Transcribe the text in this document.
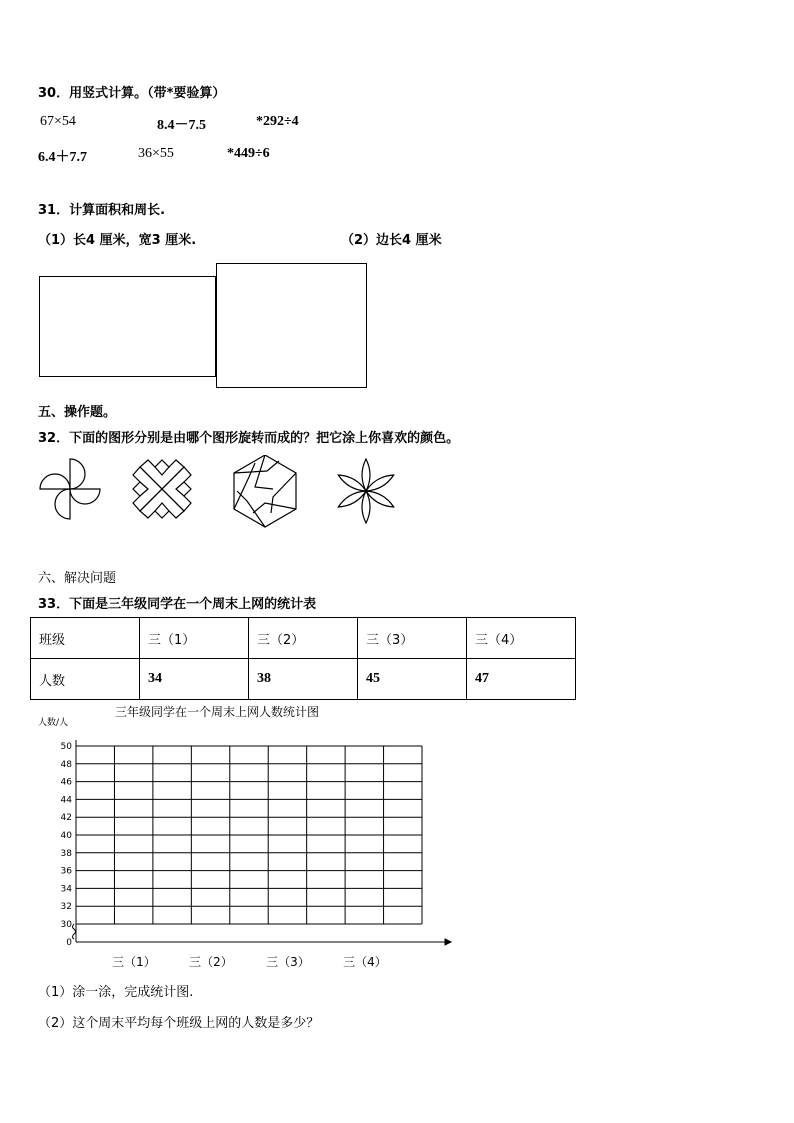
30．用竖式计算。（带*要验算）
67×54	8.4－7.5	*292÷4
6.4＋7.7	36×55	*449÷6
31．计算面积和周长.
（1）长4 厘米，宽3 厘米.	（2）边长4 厘米
五、操作题。
32．下面的图形分别是由哪个图形旋转而成的？把它涂上你喜欢的颜色。
六、解决问题
33．下面是三年级同学在一个周末上网的统计表
班级	三（1）	三（2）	三（3）	三（4）
人数	34	38	45	47
三年级同学在一个周末上网人数统计图
人数/人
0
30
32
34
36
38
40
42
44
46
48
50
三（1）	三（2）	三（3）	三（4）
（1）涂一涂，完成统计图.
（2）这个周末平均每个班级上网的人数是多少？
